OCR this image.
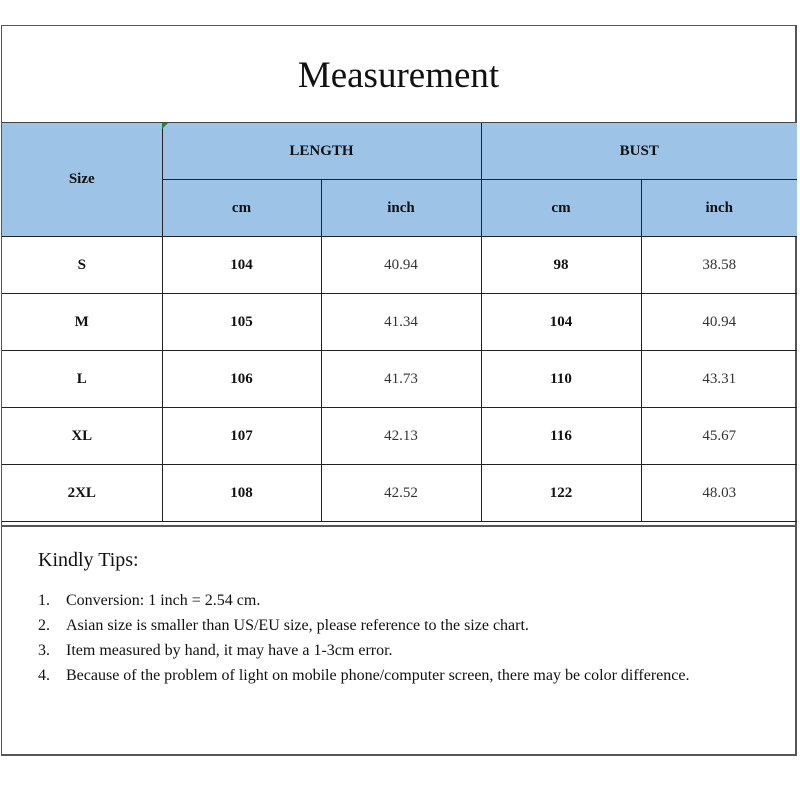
Measurement
Size	LENGTH		BUST	
	cm	inch	cm	inch
S	104	40.94	98	38.58
M	105	41.34	104	40.94
L	106	41.73	110	43.31
XL	107	42.13	116	45.67
2XL	108	42.52	122	48.03
Kindly Tips:
1.	Conversion: 1 inch = 2.54 cm.
2.	Asian size is smaller than US/EU size, please reference to the size chart.
3.	Item measured by hand, it may have a 1-3cm error.
4.	Because of the problem of light on mobile phone/computer screen, there may be color difference.
